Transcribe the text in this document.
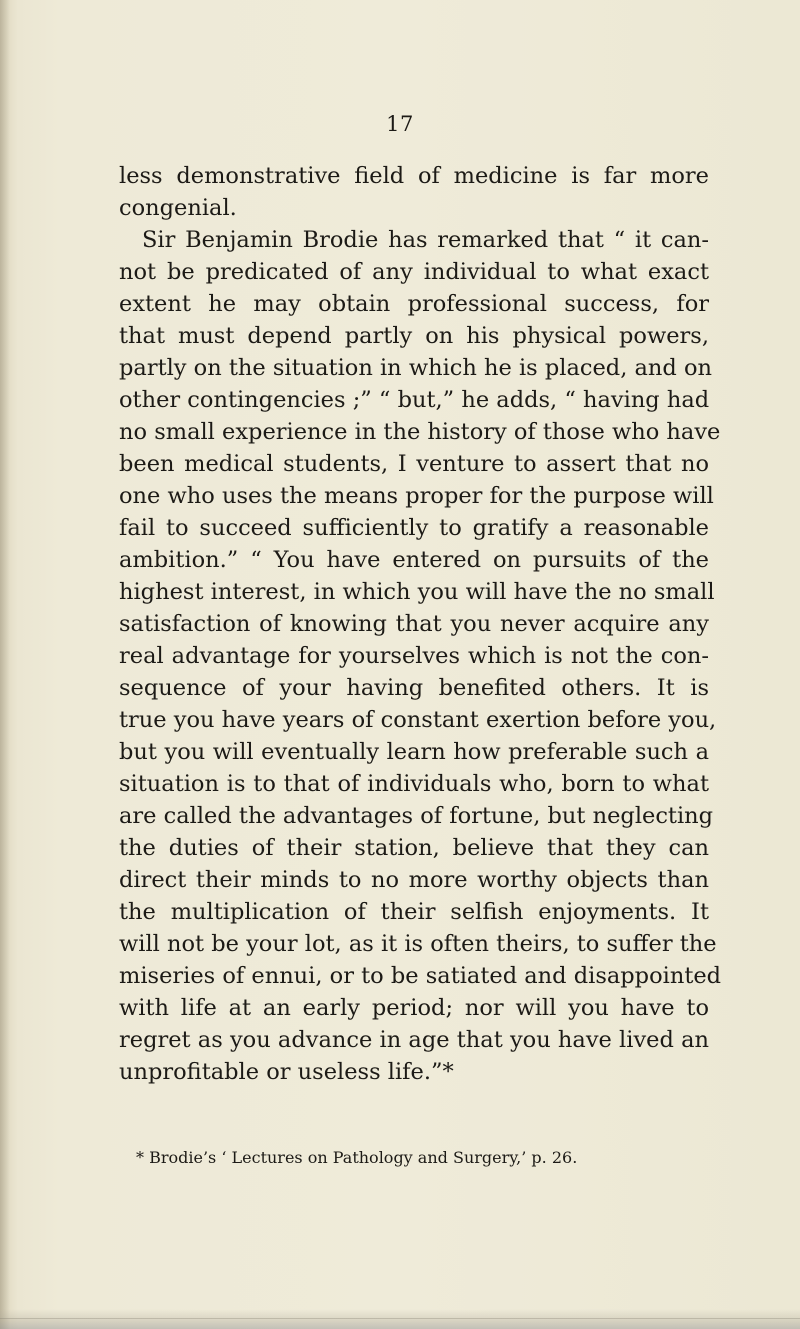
17
less demonstrative field of medicine is far more
congenial.
Sir Benjamin Brodie has remarked that “ it can-
not be predicated of any individual to what exact
extent he may obtain professional success, for
that must depend partly on his physical powers,
partly on the situation in which he is placed, and on
other contingencies ;” “ but,” he adds, “ having had
no small experience in the history of those who have
been medical students, I venture to assert that no
one who uses the means proper for the purpose will
fail to succeed sufficiently to gratify a reasonable
ambition.” “ You have entered on pursuits of the
highest interest, in which you will have the no small
satisfaction of knowing that you never acquire any
real advantage for yourselves which is not the con-
sequence of your having benefited others. It is
true you have years of constant exertion before you,
but you will eventually learn how preferable such a
situation is to that of individuals who, born to what
are called the advantages of fortune, but neglecting
the duties of their station, believe that they can
direct their minds to no more worthy objects than
the multiplication of their selfish enjoyments. It
will not be your lot, as it is often theirs, to suffer the
miseries of ennui, or to be satiated and disappointed
with life at an early period; nor will you have to
regret as you advance in age that you have lived an
unprofitable or useless life.”*
* Brodie’s ‘ Lectures on Pathology and Surgery,’ p. 26.
